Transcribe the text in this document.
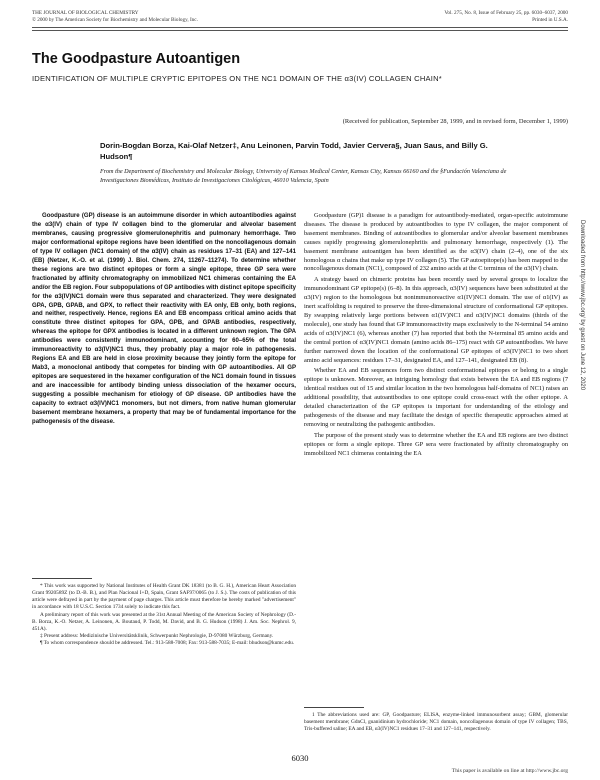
THE JOURNAL OF BIOLOGICAL CHEMISTRY
© 2000 by The American Society for Biochemistry and Molecular Biology, Inc.
Vol. 275, No. 8, Issue of February 25, pp. 6030–6037, 2000
Printed in U.S.A.
The Goodpasture Autoantigen
IDENTIFICATION OF MULTIPLE CRYPTIC EPITOPES ON THE NC1 DOMAIN OF THE α3(IV) COLLAGEN CHAIN*
(Received for publication, September 28, 1999, and in revised form, December 1, 1999)
Dorin-Bogdan Borza, Kai-Olaf Netzer‡, Anu Leinonen, Parvin Todd, Javier Cervera§, Juan Saus, and Billy G. Hudson¶
From the Department of Biochemistry and Molecular Biology, University of Kansas Medical Center, Kansas City, Kansas 66160 and the §Fundación Valenciana de Investigaciones Biomédicas, Instituto de Investigaciones Citológicas, 46010 Valencia, Spain

Goodpasture (GP) disease is an autoimmune disorder in which autoantibodies against the α3(IV) chain of type IV collagen bind to the glomerular and alveolar basement membranes, causing progressive glomerulonephritis and pulmonary hemorrhage. Two major conformational epitope regions have been identified on the noncollagenous domain of type IV collagen (NC1 domain) of the α3(IV) chain as residues 17–31 (EA) and 127–141 (EB) (Netzer, K.-O. et al. (1999) J. Biol. Chem. 274, 11267–11274). To determine whether these regions are two distinct epitopes or form a single epitope, three GP sera were fractionated by affinity chromatography on immobilized NC1 chimeras containing the EA and/or the EB region. Four subpopulations of GP antibodies with distinct epitope specificity for the α3(IV)NC1 domain were thus separated and characterized. They were designated GPA, GPB, GPAB, and GPX, to reflect their reactivity with EA only, EB only, both regions, and neither, respectively. Hence, regions EA and EB encompass critical amino acids that constitute three distinct epitopes for GPA, GPB, and GPAB antibodies, respectively, whereas the epitope for GPX antibodies is located in a different unknown region. The GPA antibodies were consistently immunodominant, accounting for 60–65% of the total immunoreactivity to α3(IV)NC1 thus, they probably play a major role in pathogenesis. Regions EA and EB are held in close proximity because they jointly form the epitope for Mab3, a monoclonal antibody that competes for binding with GP autoantibodies. All GP epitopes are sequestered in the hexamer configuration of the NC1 domain found in tissues and are inaccessible for antibody binding unless dissociation of the hexamer occurs, suggesting a possible mechanism for etiology of GP disease. GP antibodies have the capacity to extract α3(IV)NC1 monomers, but not dimers, from native human glomerular basement membrane hexamers, a property that may be of fundamental importance for the pathogenesis of the disease.

* This work was supported by National Institutes of Health Grant DK 18381 (to B. G. H.), American Heart Association Grant 9920589Z (to D.-B. B.), and Plan Nacional I+D, Spain, Grant SAF97/0065 (to J. S.). The costs of publication of this article were defrayed in part by the payment of page charges. This article must therefore be hereby marked "advertisement" in accordance with 18 U.S.C. Section 1734 solely to indicate this fact.

A preliminary report of this work was presented at the 31st Annual Meeting of the American Society of Nephrology (D.-B. Borza, K.-O. Netzer, A. Leinonen, A. Boutaud, P. Todd, M. David, and B. G. Hudson (1998) J. Am. Soc. Nephrol. 9, 451A).

‡ Present address: Medizinische Universitätsklinik, Schwerpunkt Nephrologie, D-97080 Würzburg, Germany.

¶ To whom correspondence should be addressed. Tel.: 913-588-7008; Fax: 913-588-7035; E-mail: bhudson@kumc.edu.

Goodpasture (GP)1 disease is a paradigm for autoantibody-mediated, organ-specific autoimmune diseases. The disease is produced by autoantibodies to type IV collagen, the major component of basement membranes. Binding of autoantibodies to glomerular and/or alveolar basement membranes causes rapidly progressing glomerulonephritis and pulmonary hemorrhage, respectively (1). The basement membrane autoantigen has been identified as the α3(IV) chain (2–4), one of the six homologous α chains that make up type IV collagen (5). The GP autoepitope(s) has been mapped to the noncollagenous domain (NC1), composed of 232 amino acids at the C terminus of the α3(IV) chain.

A strategy based on chimeric proteins has been recently used by several groups to localize the immunodominant GP epitope(s) (6–8). In this approach, α3(IV) sequences have been substituted at the α3(IV) region to the homologous but nonimmunoreactive α1(IV)NC1 domain. The use of α1(IV) as inert scaffolding is required to preserve the three-dimensional structure of conformational GP epitopes. By swapping relatively large portions between α1(IV)NC1 and α3(IV)NC1 domains (thirds of the molecule), one study has found that GP immunoreactivity maps exclusively to the N-terminal 54 amino acids of α3(IV)NC1 (6), whereas another (7) has reported that both the N-terminal 85 amino acids and the central portion of α3(IV)NC1 domain (amino acids 86–175) react with GP autoantibodies. We have further narrowed down the location of the conformational GP epitopes of α3(IV)NC1 to two short amino acid sequences: residues 17–31, designated EA, and 127–141, designated EB (8).

Whether EA and EB sequences form two distinct conformational epitopes or belong to a single epitope is unknown. Moreover, an intriguing homology that exists between the EA and EB regions (7 identical residues out of 15 and similar location in the two homologous half-domains of NC1) raises an additional possibility, that autoantibodies to one epitope could cross-react with the other epitope. A detailed characterization of the GP epitopes is important for understanding of the etiology and pathogenesis of the disease and may facilitate the design of specific therapeutic approaches aimed at removing or neutralizing the pathogenic antibodies.

The purpose of the present study was to determine whether the EA and EB regions are two distinct epitopes or form a single epitope. Three GP sera were fractionated by affinity chromatography on immobilized NC1 chimeras containing the EA

1 The abbreviations used are: GP, Goodpasture; ELISA, enzyme-linked immunosorbent assay; GBM, glomerular basement membrane; GdnCl, guanidinium hydrochloride; NC1 domain, noncollagenous domain of type IV collagen; TBS, Tris-buffered saline; EA and EB, α3(IV)NC1 residues 17–31 and 127–141, respectively.

Downloaded from http://www.jbc.org/ by guest on June 12, 2020
6030
This paper is available on line at http://www.jbc.org
